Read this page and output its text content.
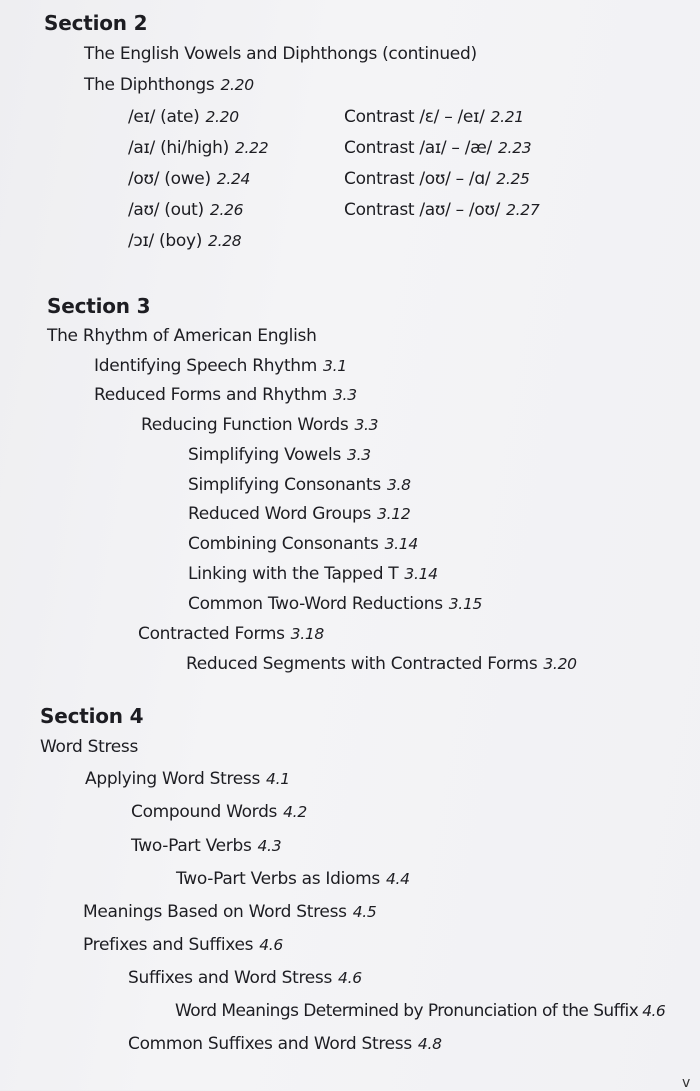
Section 2
The English Vowels and Diphthongs (continued)
The Diphthongs 2.20
/eɪ/ (ate) 2.20
/aɪ/ (hi/high) 2.22
/oʊ/ (owe) 2.24
/aʊ/ (out) 2.26
/ɔɪ/ (boy) 2.28
Contrast /ɛ/ – /eɪ/ 2.21
Contrast /aɪ/ – /æ/ 2.23
Contrast /oʊ/ – /ɑ/ 2.25
Contrast /aʊ/ – /oʊ/ 2.27
Section 3
The Rhythm of American English
Identifying Speech Rhythm 3.1
Reduced Forms and Rhythm 3.3
Reducing Function Words 3.3
Simplifying Vowels 3.3
Simplifying Consonants 3.8
Reduced Word Groups 3.12
Combining Consonants 3.14
Linking with the Tapped T 3.14
Common Two-Word Reductions 3.15
Contracted Forms 3.18
Reduced Segments with Contracted Forms 3.20
Section 4
Word Stress
Applying Word Stress 4.1
Compound Words 4.2
Two-Part Verbs 4.3
Two-Part Verbs as Idioms 4.4
Meanings Based on Word Stress 4.5
Prefixes and Suffixes 4.6
Suffixes and Word Stress 4.6
Word Meanings Determined by Pronunciation of the Suffix 4.6
Common Suffixes and Word Stress 4.8
v
